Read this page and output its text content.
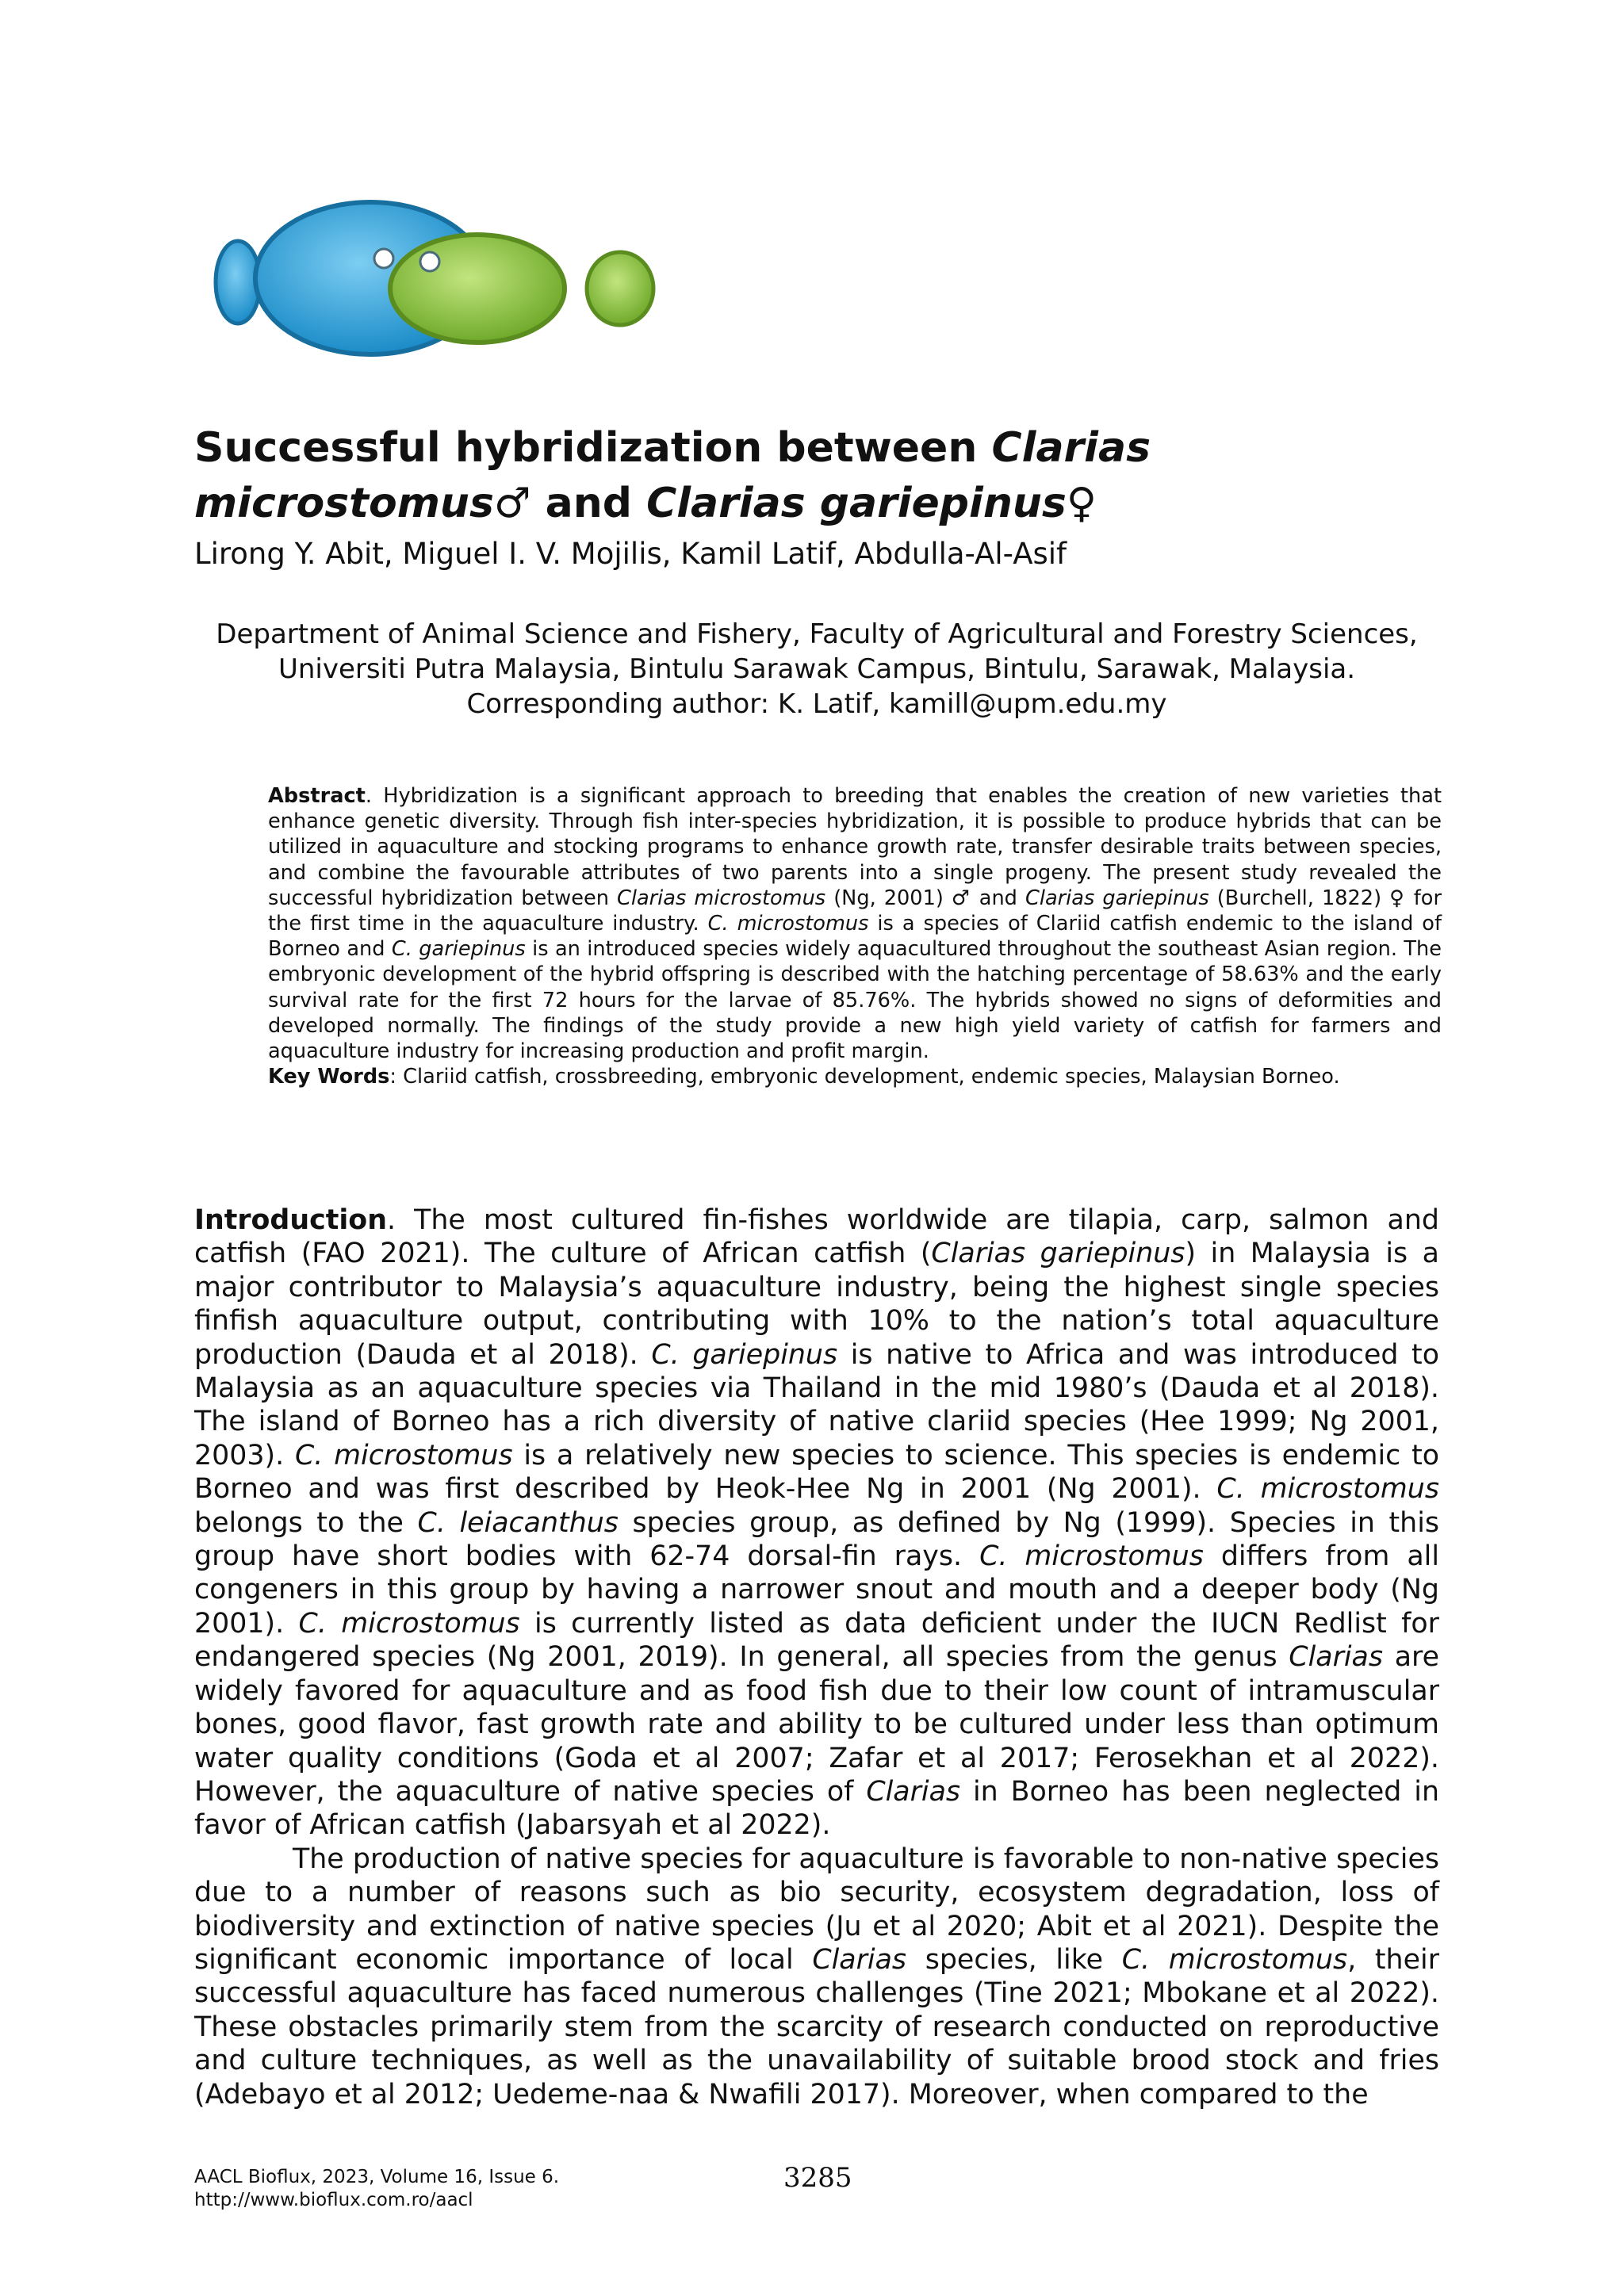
Successful hybridization between Clarias microstomus♂ and Clarias gariepinus♀

Lirong Y. Abit, Miguel I. V. Mojilis, Kamil Latif, Abdulla-Al-Asif

Department of Animal Science and Fishery, Faculty of Agricultural and Forestry Sciences,
Universiti Putra Malaysia, Bintulu Sarawak Campus, Bintulu, Sarawak, Malaysia.
Corresponding author: K. Latif, kamill@upm.edu.my

Abstract. Hybridization is a significant approach to breeding that enables the creation of new varieties that enhance genetic diversity. Through fish inter-species hybridization, it is possible to produce hybrids that can be utilized in aquaculture and stocking programs to enhance growth rate, transfer desirable traits between species, and combine the favourable attributes of two parents into a single progeny. The present study revealed the successful hybridization between Clarias microstomus (Ng, 2001) ♂ and Clarias gariepinus (Burchell, 1822) ♀ for the first time in the aquaculture industry. C. microstomus is a species of Clariid catfish endemic to the island of Borneo and C. gariepinus is an introduced species widely aquacultured throughout the southeast Asian region. The embryonic development of the hybrid offspring is described with the hatching percentage of 58.63% and the early survival rate for the first 72 hours for the larvae of 85.76%. The hybrids showed no signs of deformities and developed normally. The findings of the study provide a new high yield variety of catfish for farmers and aquaculture industry for increasing production and profit margin.

Key Words: Clariid catfish, crossbreeding, embryonic development, endemic species, Malaysian Borneo.

Introduction. The most cultured fin-fishes worldwide are tilapia, carp, salmon and catfish (FAO 2021). The culture of African catfish (Clarias gariepinus) in Malaysia is a major contributor to Malaysia’s aquaculture industry, being the highest single species finfish aquaculture output, contributing with 10% to the nation’s total aquaculture production (Dauda et al 2018). C. gariepinus is native to Africa and was introduced to Malaysia as an aquaculture species via Thailand in the mid 1980’s (Dauda et al 2018). The island of Borneo has a rich diversity of native clariid species (Hee 1999; Ng 2001, 2003). C. microstomus is a relatively new species to science. This species is endemic to Borneo and was first described by Heok-Hee Ng in 2001 (Ng 2001). C. microstomus belongs to the C. leiacanthus species group, as defined by Ng (1999). Species in this group have short bodies with 62-74 dorsal-fin rays. C. microstomus differs from all congeners in this group by having a narrower snout and mouth and a deeper body (Ng 2001). C. microstomus is currently listed as data deficient under the IUCN Redlist for endangered species (Ng 2001, 2019). In general, all species from the genus Clarias are widely favored for aquaculture and as food fish due to their low count of intramuscular bones, good flavor, fast growth rate and ability to be cultured under less than optimum water quality conditions (Goda et al 2007; Zafar et al 2017; Ferosekhan et al 2022). However, the aquaculture of native species of Clarias in Borneo has been neglected in favor of African catfish (Jabarsyah et al 2022).

The production of native species for aquaculture is favorable to non-native species due to a number of reasons such as bio security, ecosystem degradation, loss of biodiversity and extinction of native species (Ju et al 2020; Abit et al 2021). Despite the significant economic importance of local Clarias species, like C. microstomus, their successful aquaculture has faced numerous challenges (Tine 2021; Mbokane et al 2022). These obstacles primarily stem from the scarcity of research conducted on reproductive and culture techniques, as well as the unavailability of suitable brood stock and fries (Adebayo et al 2012; Uedeme-naa & Nwafili 2017). Moreover, when compared to the

AACL Bioflux, 2023, Volume 16, Issue 6.
http://www.bioflux.com.ro/aacl
3285
